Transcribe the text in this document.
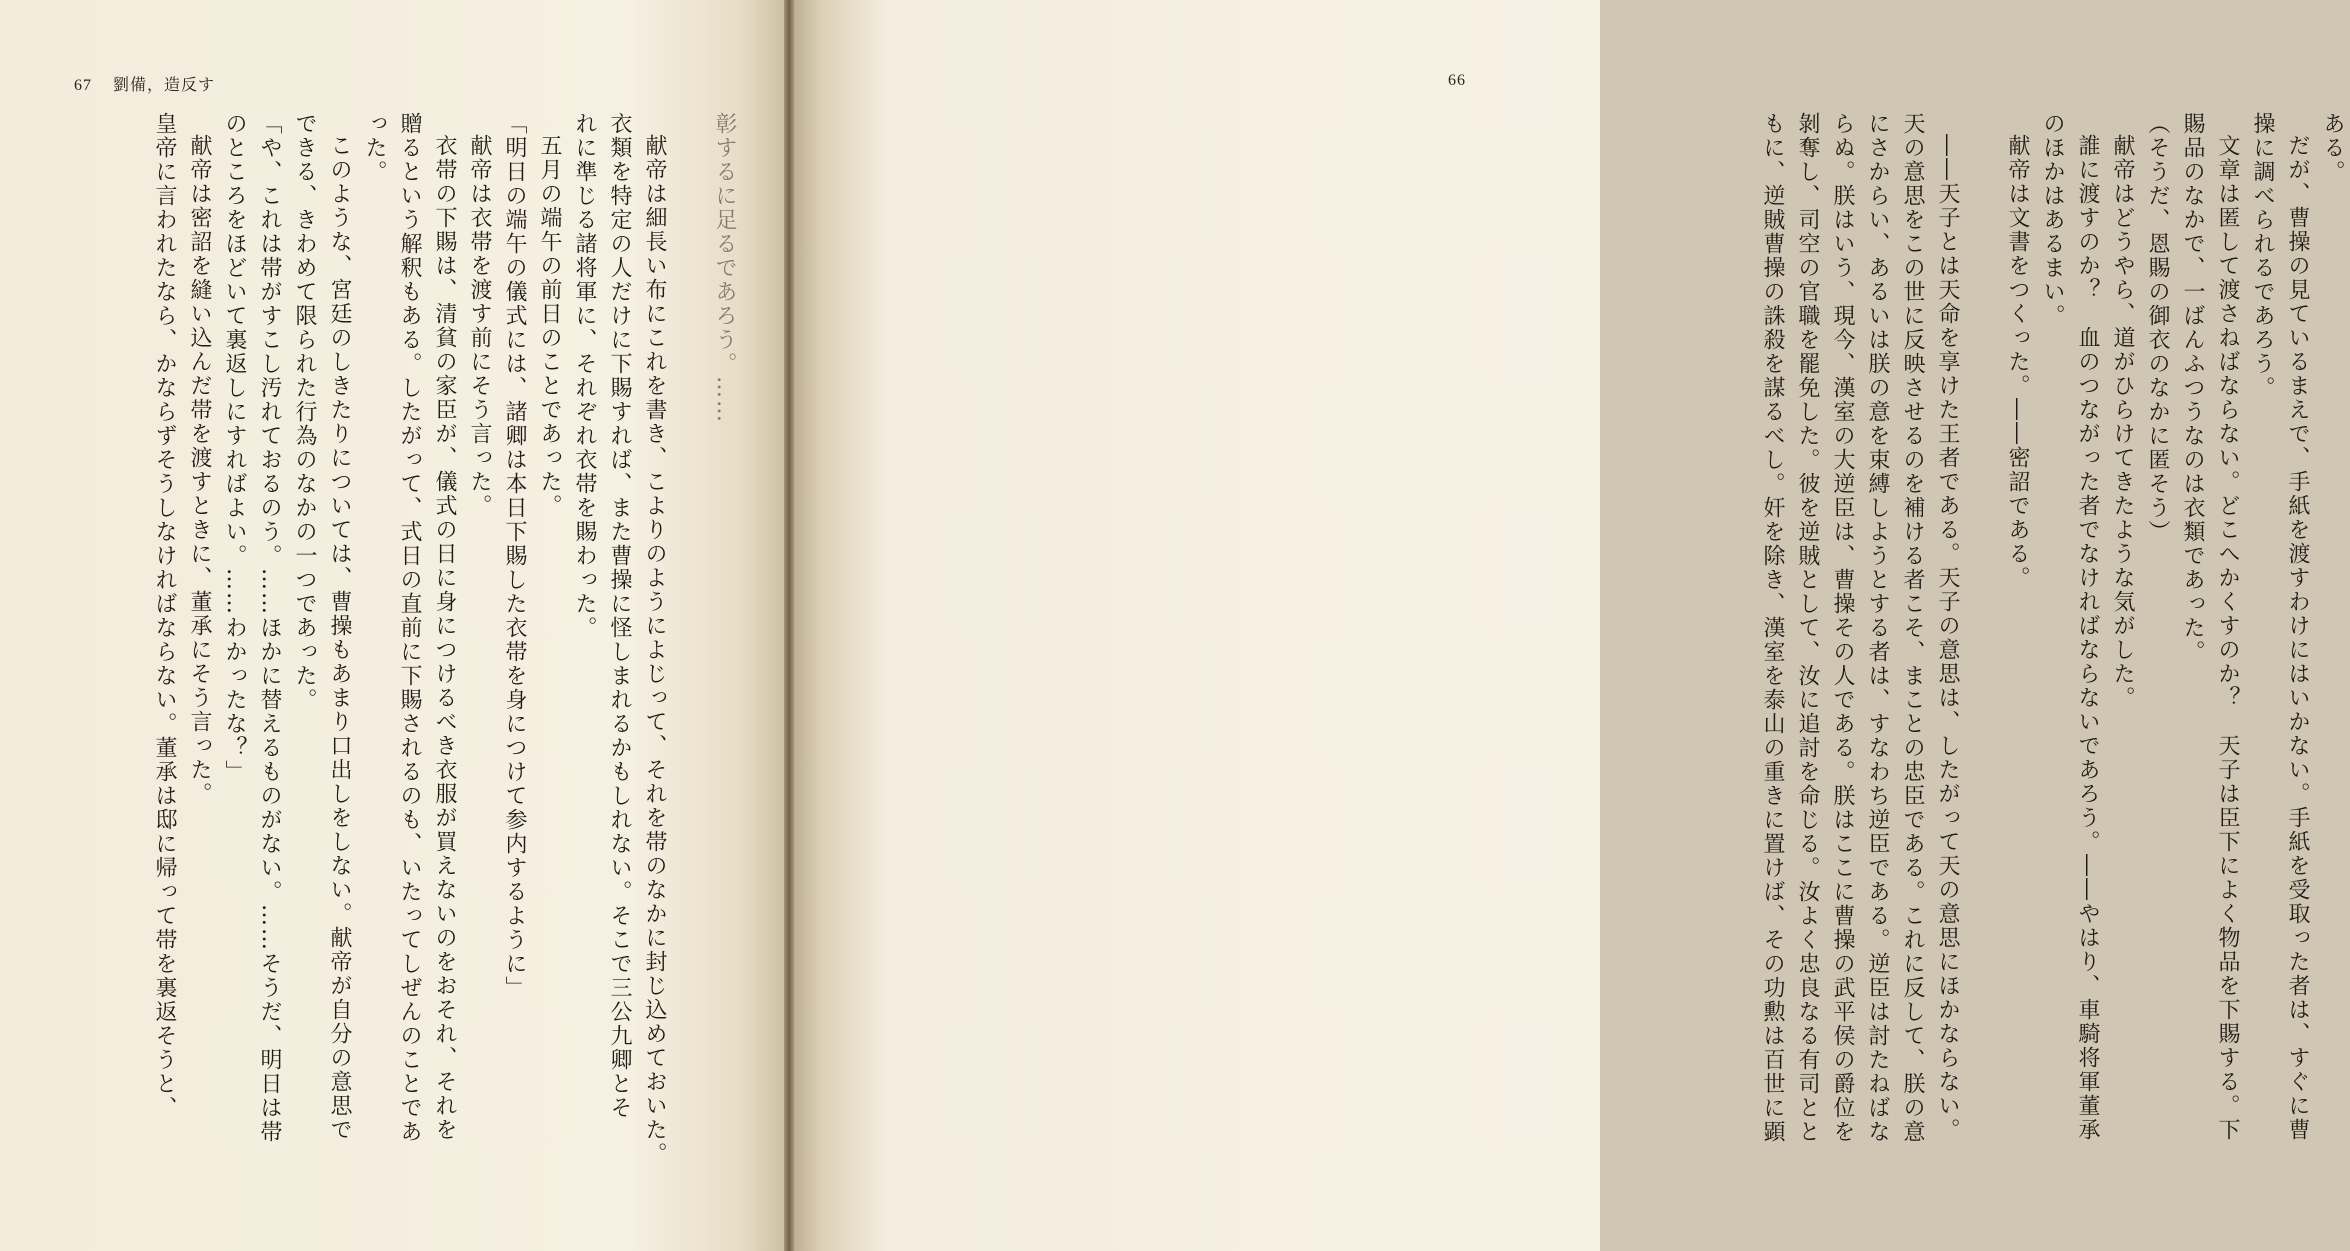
67 劉備，造反す
彰するに足るであろう。……
献帝は細長い布にこれを書き、こよりのようによじって、それを帯のなかに封じ込めておいた。
衣類を特定の人だけに下賜すれば、また曹操に怪しまれるかもしれない。そこで三公九卿とそ
れに準じる諸将軍に、それぞれ衣帯を賜わった。
五月の端午の前日のことであった。
「明日の端午の儀式には、諸卿は本日下賜した衣帯を身につけて参内するように」
献帝は衣帯を渡す前にそう言った。
衣帯の下賜は、清貧の家臣が、儀式の日に身につけるべき衣服が買えないのをおそれ、それを
贈るという解釈もある。したがって、式日の直前に下賜されるのも、いたってしぜんのことであ
った。
このような、宮廷のしきたりについては、曹操もあまり口出しをしない。献帝が自分の意思で
できる、きわめて限られた行為のなかの一つであった。
「や、これは帯がすこし汚れておるのう。……ほかに替えるものがない。……そうだ、明日は帯
のところをほどいて裏返しにすればよい。……わかったな？」
献帝は密詔を縫い込んだ帯を渡すときに、董承にそう言った。
皇帝に言われたなら、かならずそうしなければならない。董承は邸に帰って帯を裏返そうと、	ある。
だが、曹操の見ているまえで、手紙を渡すわけにはいかない。手紙を受取った者は、すぐに曹
操に調べられるであろう。
文章は匿して渡さねばならない。どこへかくすのか？　天子は臣下によく物品を下賜する。下
賜品のなかで、一ばんふつうなのは衣類であった。
（そうだ、恩賜の御衣のなかに匿そう）
献帝はどうやら、道がひらけてきたような気がした。
誰に渡すのか？　血のつながった者でなければならないであろう。――やはり、車騎将軍董承
のほかはあるまい。
献帝は文書をつくった。――密詔である。
――天子とは天命を享けた王者である。天子の意思は、したがって天の意思にほかならない。
天の意思をこの世に反映させるのを補ける者こそ、まことの忠臣である。これに反して、朕の意
にさからい、あるいは朕の意を束縛しようとする者は、すなわち逆臣である。逆臣は討たねばな
らぬ。朕はいう、現今、漢室の大逆臣は、曹操その人である。朕はここに曹操の武平侯の爵位を
剝奪し、司空の官職を罷免した。彼を逆賊として、汝に追討を命じる。汝よく忠良なる有司とと
もに、逆賊曹操の誅殺を謀るべし。奸を除き、漢室を泰山の重きに置けば、その功勲は百世に顕
66
